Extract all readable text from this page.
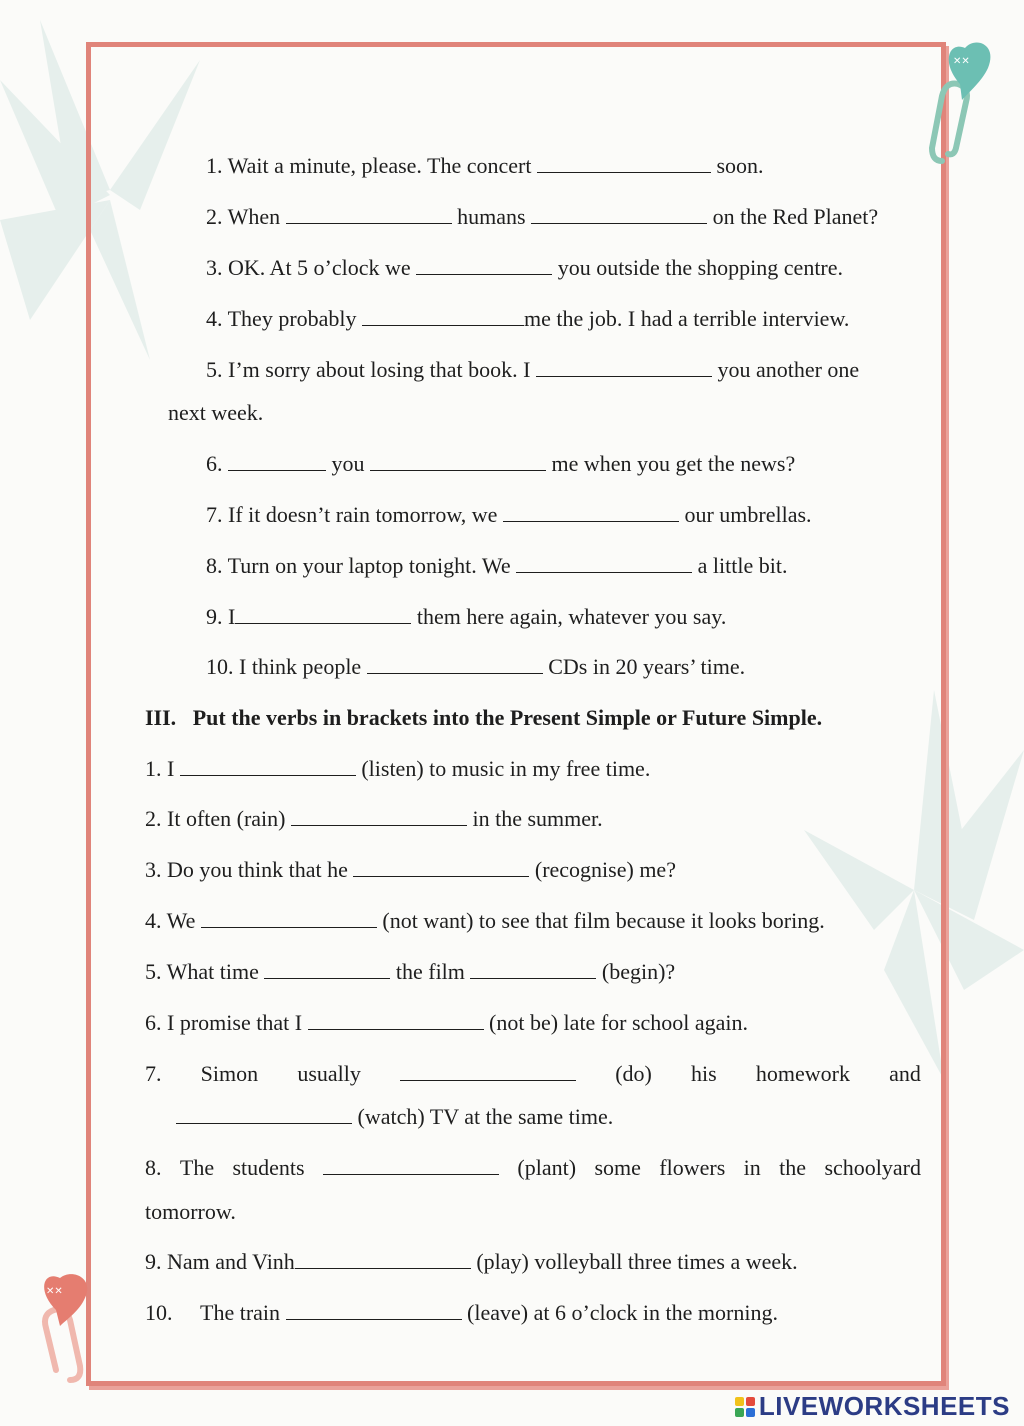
✕✕
✕✕
1. Wait a minute, please. The concert	soon.
2. When	humans	on the Red Planet?
3. OK. At 5 o’clock we	you outside the shopping centre.
4. They probably	me the job. I had a terrible interview.
5. I’m sorry about losing that book. I	you another one
next week.
6.	you	me when you get the news?
7. If it doesn’t rain tomorrow, we	our umbrellas.
8. Turn on your laptop tonight. We	a little bit.
9. I	them here again, whatever you say.
10. I think people	CDs in 20 years’ time.
III. Put the verbs in brackets into the Present Simple or Future Simple.
1. I	(listen) to music in my free time.
2. It often (rain)	in the summer.
3. Do you think that he	(recognise) me?
4. We	(not want) to see that film because it looks boring.
5. What time	the film	(begin)?
6. I promise that I	(not be) late for school again.
7. Simon usually	(do) his homework and
(watch) TV at the same time.
8. The students	(plant) some flowers in the schoolyard
tomorrow.
9. Nam and Vinh	(play) volleyball three times a week.
10. The train	(leave) at 6 o’clock in the morning.
LIVEWORKSHEETS
